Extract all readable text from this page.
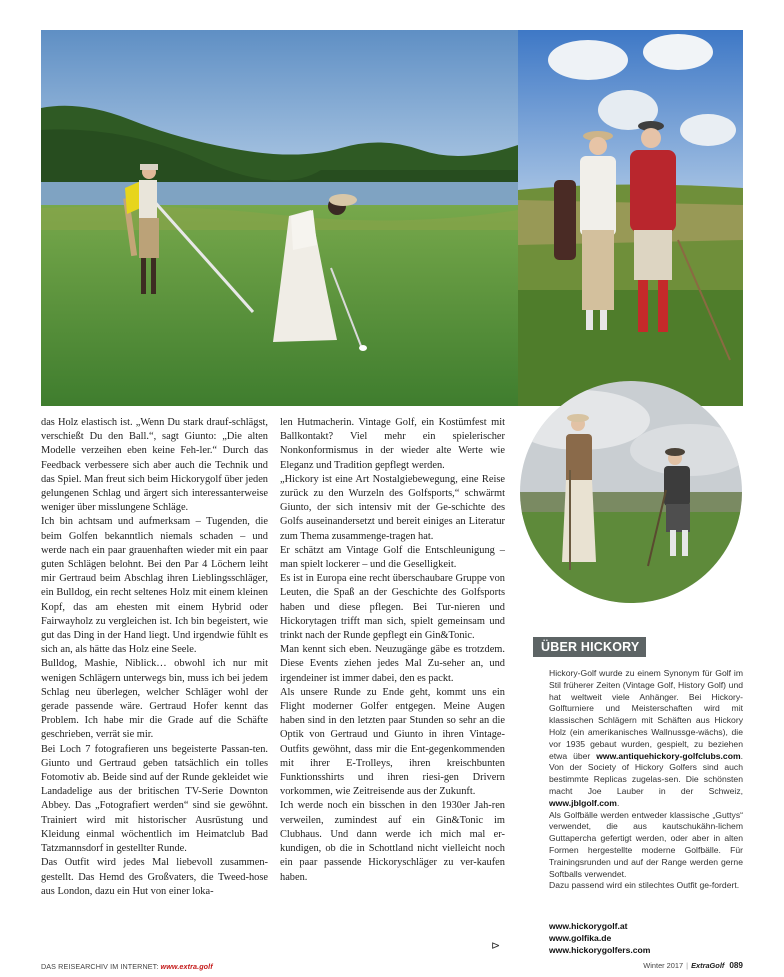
das Holz elastisch ist. „Wenn Du stark drauf-schlägst, verschießt Du den Ball.“, sagt Giunto: „Die alten Modelle verzeihen eben keine Feh-ler.“ Durch das Feedback verbessere sich aber auch die Technik und das Spiel. Man freut sich beim Hickorygolf über jeden gelungenen Schlag und ärgert sich interessanterweise weniger über misslungene Schläge.

Ich bin achtsam und aufmerksam – Tugenden, die beim Golfen bekanntlich niemals schaden – und werde nach ein paar grauenhaften wieder mit ein paar guten Schlägen belohnt. Bei den Par 4 Löchern leiht mir Gertraud beim Abschlag ihren Lieblingsschläger, ein Bulldog, ein recht seltenes Holz mit einem kleinen Kopf, das am ehesten mit einem Hybrid oder Fairwayholz zu vergleichen ist. Ich bin begeistert, wie gut das Ding in der Hand liegt. Und irgendwie fühlt es sich an, als hätte das Holz eine Seele.

Bulldog, Mashie, Niblick… obwohl ich nur mit wenigen Schlägern unterwegs bin, muss ich bei jedem Schlag neu überlegen, welcher Schläger wohl der gerade passende wäre. Gertraud Hofer kennt das Problem. Ich habe mir die Grade auf die Schäfte geschrieben, verrät sie mir.

Bei Loch 7 fotografieren uns begeisterte Passan-ten. Giunto und Gertraud geben tatsächlich ein tolles Fotomotiv ab. Beide sind auf der Runde gekleidet wie Landadelige aus der britischen TV-Serie Downton Abbey. Das „Fotografiert werden“ sind sie gewöhnt. Trainiert wird mit historischer Ausrüstung und Kleidung einmal wöchentlich im Heimatclub Bad Tatzmannsdorf in gestellter Runde.

Das Outfit wird jedes Mal liebevoll zusammen-gestellt. Das Hemd des Großvaters, die Tweed-hose aus London, dazu ein Hut von einer loka-

len Hutmacherin. Vintage Golf, ein Kostümfest mit Ballkontakt? Viel mehr ein spielerischer Nonkonformismus in der wieder alte Werte wie Eleganz und Tradition gepflegt werden.

„Hickory ist eine Art Nostalgiebewegung, eine Reise zurück zu den Wurzeln des Golfsports,“ schwärmt Giunto, der sich intensiv mit der Ge-schichte des Golfs auseinandersetzt und bereit einiges an Literatur zum Thema zusammenge-tragen hat.

Er schätzt am Vintage Golf die Entschleunigung – man spielt lockerer – und die Geselligkeit.

Es ist in Europa eine recht überschaubare Gruppe von Leuten, die Spaß an der Geschichte des Golfsports haben und diese pflegen. Bei Tur-nieren und Hickorytagen trifft man sich, spielt gemeinsam und trinkt nach der Runde gepflegt ein Gin&Tonic.

Man kennt sich eben. Neuzugänge gäbe es trotzdem. Diese Events ziehen jedes Mal Zu-seher an, und irgendeiner ist immer dabei, den es packt.

Als unsere Runde zu Ende geht, kommt uns ein Flight moderner Golfer entgegen. Meine Augen haben sind in den letzten paar Stunden so sehr an die Optik von Gertraud und Giunto in ihren Vintage-Outfits gewöhnt, dass mir die Ent-gegenkommenden mit ihrer E-Trolleys, ihren kreischbunten Funktionsshirts und ihren riesi-gen Drivern vorkommen, wie Zeitreisende aus der Zukunft.

Ich werde noch ein bisschen in den 1930er Jah-ren verweilen, zumindest auf ein Gin&Tonic im Clubhaus. Und dann werde ich mich mal er-kundigen, ob die in Schottland nicht vielleicht noch ein paar passende Hickoryschläger zu ver-kaufen haben.

⊳
ÜBER HICKORY

Hickory-Golf wurde zu einem Synonym für Golf im Stil früherer Zeiten (Vintage Golf, History Golf) und hat weltweit viele Anhänger. Bei Hickory-Golfturniere und Meisterschaften wird mit klassischen Schlägern mit Schäften aus Hickory Holz (ein amerikanisches Wallnussge-wächs), die vor 1935 gebaut wurden, gespielt, zu beziehen etwa über www.antiquehickory-golfclubs.com. Von der Society of Hickory Golfers sind auch bestimmte Replicas zugelas-sen. Die schönsten macht Joe Lauber in der Schweiz, www.jblgolf.com.

Als Golfbälle werden entweder klassische „Guttys“ verwendet, die aus kautschukähn-lichem Guttapercha gefertigt werden, oder aber in alten Formen hergestellte moderne Golfbälle. Für Trainingsrunden und auf der Range werden gerne Softballs verwendet.

Dazu passend wird ein stilechtes Outfit ge-fordert.

www.hickorygolf.at
www.golfika.de
www.hickorygolfers.com
DAS REISEARCHIV IM INTERNET: www.extra.golf	Winter 2017 | ExtraGolf 089
